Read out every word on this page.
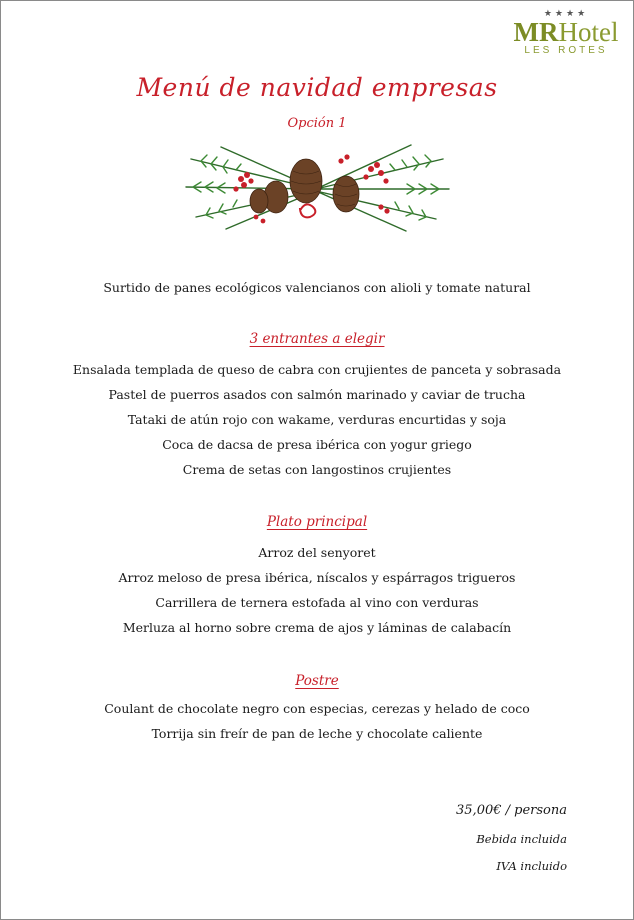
★★★★
MRHotel
LES ROTES
Menú de navidad empresas
Opción 1
Surtido de panes ecológicos valencianos con alioli y tomate natural
3 entrantes a elegir
Ensalada templada de queso de cabra con crujientes de panceta y sobrasada
Pastel de puerros asados con salmón marinado y caviar de trucha
Tataki de atún rojo con wakame, verduras encurtidas y soja
Coca de dacsa de presa ibérica con yogur griego
Crema de setas con langostinos crujientes
Plato principal
Arroz del senyoret
Arroz meloso de presa ibérica, níscalos y espárragos trigueros
Carrillera de ternera estofada al vino con verduras
Merluza al horno sobre crema de ajos y láminas de calabacín
Postre
Coulant de chocolate negro con especias, cerezas y helado de coco
Torrija sin freír de pan de leche y chocolate caliente
35,00€ / persona
Bebida incluida
IVA incluido
